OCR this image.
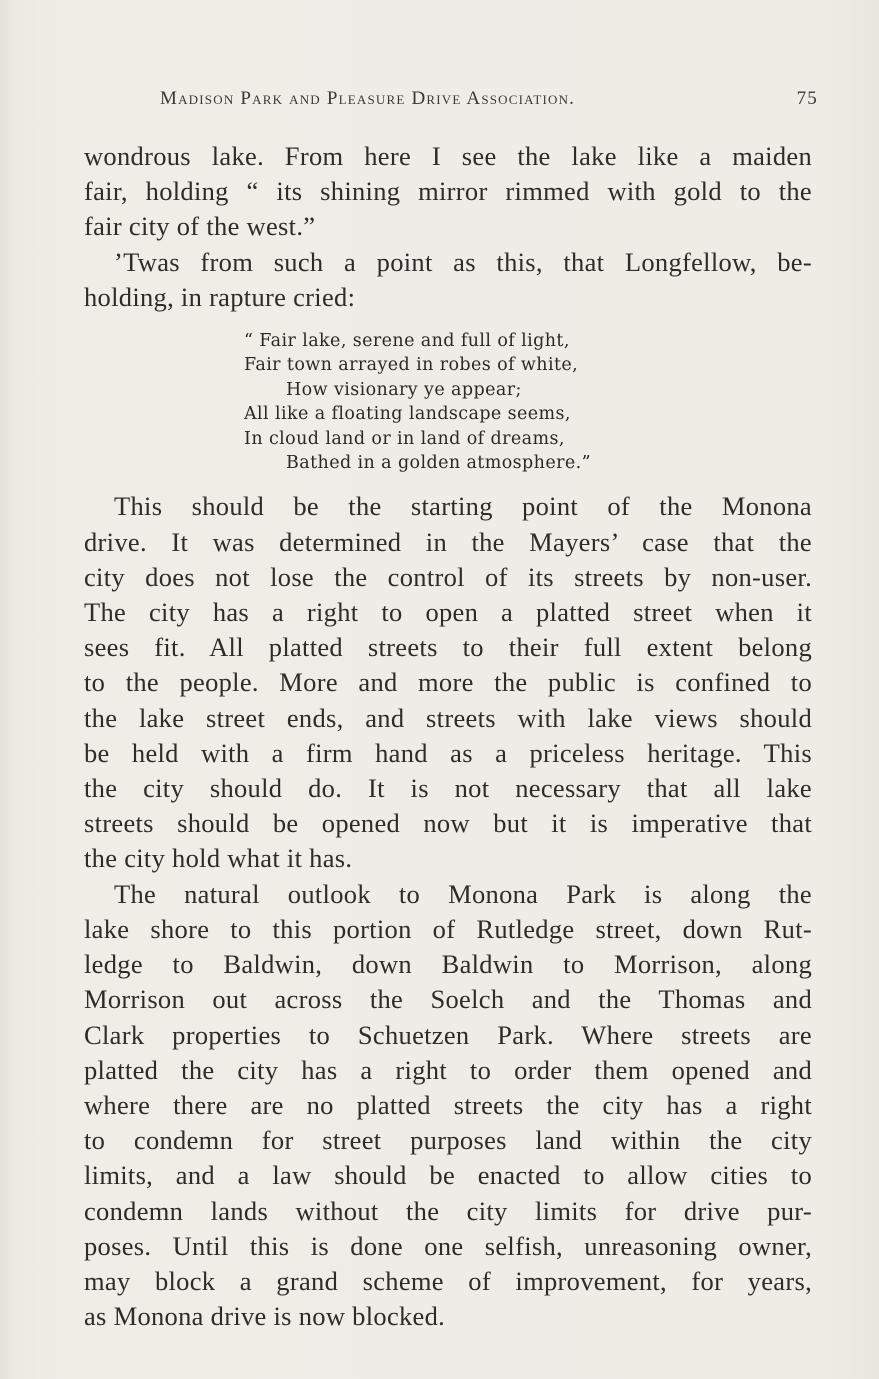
Madison Park and Pleasure Drive Association.	75

wondrous lake. From here I see the lake like a maiden
fair, holding “ its shining mirror rimmed with gold to the
fair city of the west.”

’Twas from such a point as this, that Longfellow, be-
holding, in rapture cried:

“ Fair lake, serene and full of light,
Fair town arrayed in robes of white,
How visionary ye appear;
All like a floating landscape seems,
In cloud land or in land of dreams,
Bathed in a golden atmosphere.”

This should be the starting point of the Monona
drive. It was determined in the Mayers’ case that the
city does not lose the control of its streets by non-user.
The city has a right to open a platted street when it
sees fit. All platted streets to their full extent belong
to the people. More and more the public is confined to
the lake street ends, and streets with lake views should
be held with a firm hand as a priceless heritage. This
the city should do. It is not necessary that all lake
streets should be opened now but it is imperative that
the city hold what it has.

The natural outlook to Monona Park is along the
lake shore to this portion of Rutledge street, down Rut-
ledge to Baldwin, down Baldwin to Morrison, along
Morrison out across the Soelch and the Thomas and
Clark properties to Schuetzen Park. Where streets are
platted the city has a right to order them opened and
where there are no platted streets the city has a right
to condemn for street purposes land within the city
limits, and a law should be enacted to allow cities to
condemn lands without the city limits for drive pur-
poses. Until this is done one selfish, unreasoning owner,
may block a grand scheme of improvement, for years,
as Monona drive is now blocked.
